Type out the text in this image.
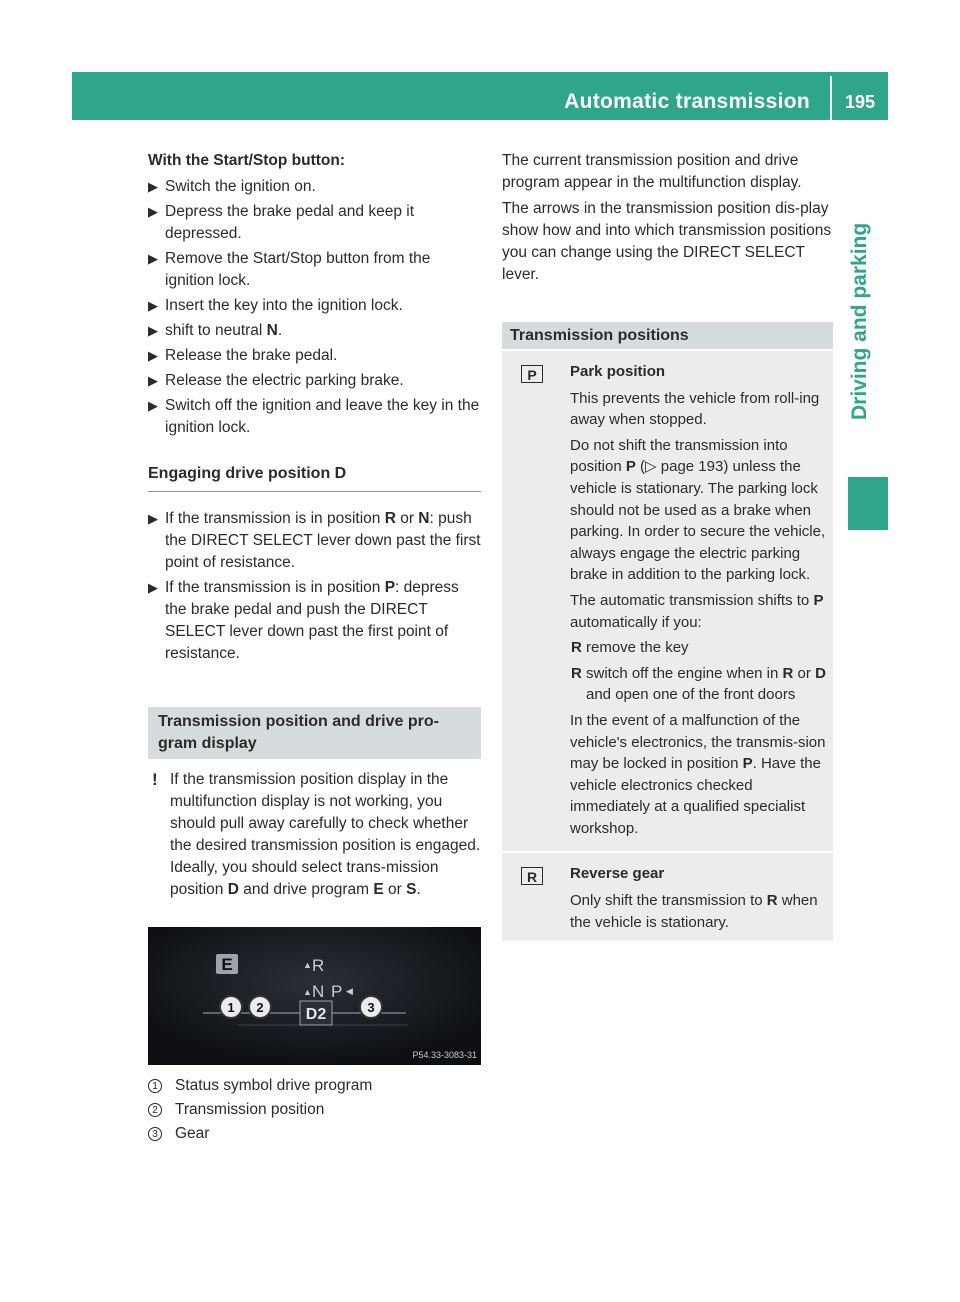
Automatic transmission	195
Driving and parking
With the Start/Stop button:
▶ Switch the ignition on.
▶ Depress the brake pedal and keep it depressed.
▶ Remove the Start/Stop button from the ignition lock.
▶ Insert the key into the ignition lock.
▶ shift to neutral N.
▶ Release the brake pedal.
▶ Release the electric parking brake.
▶ Switch off the ignition and leave the key in the ignition lock.
Engaging drive position D
▶ If the transmission is in position R or N: push the DIRECT SELECT lever down past the first point of resistance.
▶ If the transmission is in position P: depress the brake pedal and push the DIRECT SELECT lever down past the first point of resistance.
Transmission position and drive pro-gram display
! If the transmission position display in the multifunction display is not working, you should pull away carefully to check whether the desired transmission position is engaged. Ideally, you should select trans-mission position D and drive program E or S.
E	▲ R
▲ N P ◀
D2
1 2	3
P54.33-3083-31
1 Status symbol drive program
2 Transmission position
3 Gear
The current transmission position and drive program appear in the multifunction display.
The arrows in the transmission position dis-play show how and into which transmission positions you can change using the DIRECT SELECT lever.
Transmission positions
P	Park position
This prevents the vehicle from roll-ing away when stopped.
Do not shift the transmission into position P (▷ page 193) unless the vehicle is stationary. The parking lock should not be used as a brake when parking. In order to secure the vehicle, always engage the electric parking brake in addition to the parking lock.
The automatic transmission shifts to P automatically if you:
R remove the key
R switch off the engine when in R or D and open one of the front doors
In the event of a malfunction of the vehicle's electronics, the transmis-sion may be locked in position P. Have the vehicle electronics checked immediately at a qualified specialist workshop.
R	Reverse gear
Only shift the transmission to R when the vehicle is stationary.
